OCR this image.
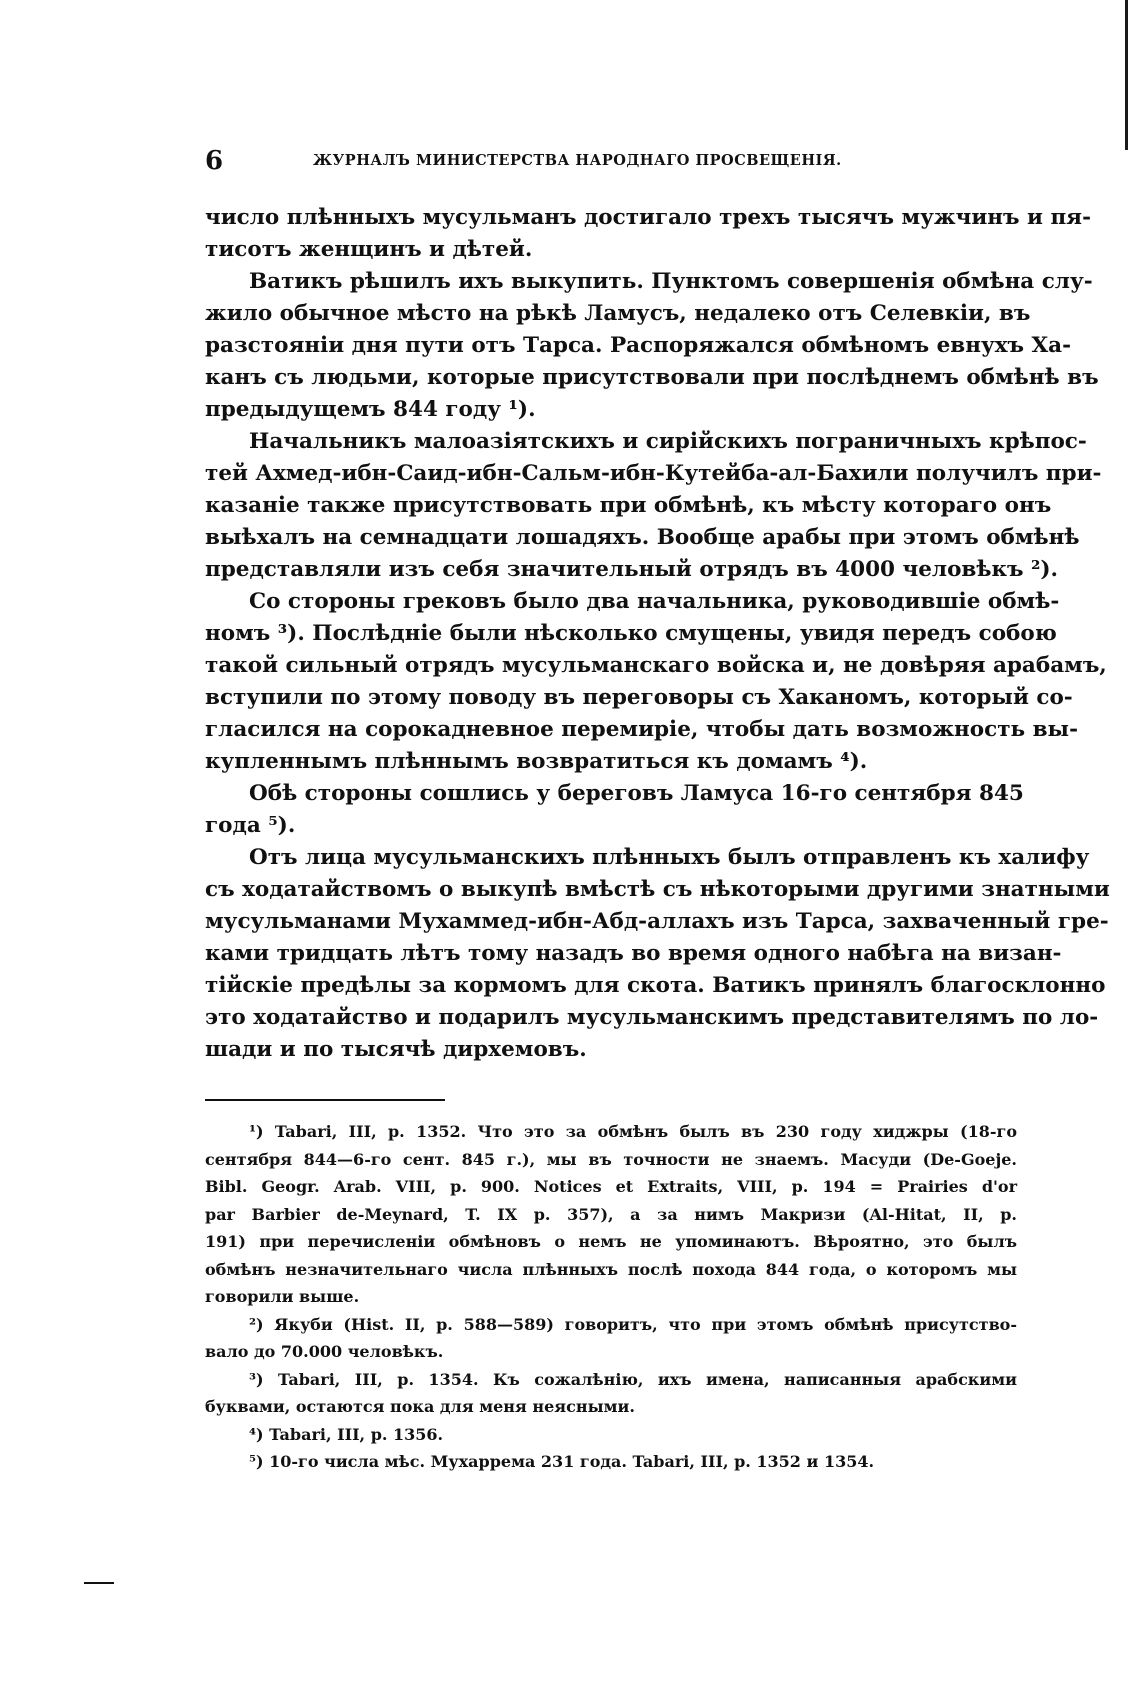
6	ЖУРНАЛЪ МИНИСТЕРСТВА НАРОДНАГО ПРОСВЕЩЕНІЯ.
число плѣнныхъ мусульманъ достигало трехъ тысячъ мужчинъ и пя-
тисотъ женщинъ и дѣтей.
Ватикъ рѣшилъ ихъ выкупить. Пунктомъ совершенія обмѣна слу-
жило обычное мѣсто на рѣкѣ Ламусъ, недалеко отъ Селевкіи, въ
разстояніи дня пути отъ Тарса. Распоряжался обмѣномъ евнухъ Ха-
канъ съ людьми, которые присутствовали при послѣднемъ обмѣнѣ въ
предыдущемъ 844 году ¹).
Начальникъ малоазіятскихъ и сирійскихъ пограничныхъ крѣпос-
тей Ахмед-ибн-Саид-ибн-Сальм-ибн-Кутейба-ал-Бахили получилъ при-
казаніе также присутствовать при обмѣнѣ, къ мѣсту котораго онъ
выѣхалъ на семнадцати лошадяхъ. Вообще арабы при этомъ обмѣнѣ
представляли изъ себя значительный отрядъ въ 4000 человѣкъ ²).
Со стороны грековъ было два начальника, руководившіе обмѣ-
номъ ³). Послѣдніе были нѣсколько смущены, увидя передъ собою
такой сильный отрядъ мусульманскаго войска и, не довѣряя арабамъ,
вступили по этому поводу въ переговоры съ Хаканомъ, который со-
гласился на сорокадневное перемиріе, чтобы дать возможность вы-
купленнымъ плѣннымъ возвратиться къ домамъ ⁴).
Обѣ стороны сошлись у береговъ Ламуса 16-го сентября 845
года ⁵).
Отъ лица мусульманскихъ плѣнныхъ былъ отправленъ къ халифу
съ ходатайствомъ о выкупѣ вмѣстѣ съ нѣкоторыми другими знатными
мусульманами Мухаммед-ибн-Абд-аллахъ изъ Тарса, захваченный гре-
ками тридцать лѣтъ тому назадъ во время одного набѣга на визан-
тійскіе предѣлы за кормомъ для скота. Ватикъ принялъ благосклонно
это ходатайство и подарилъ мусульманскимъ представителямъ по ло-
шади и по тысячѣ дирхемовъ.
¹) Tabari, III, p. 1352. Что это за обмѣнъ былъ въ 230 году хиджры (18-го
сентября 844—6-го сент. 845 г.), мы въ точности не знаемъ. Масуди (De-Goeje.
Bibl. Geogr. Arab. VIII, p. 900. Notices et Extraits, VIII, p. 194 = Prairies d'or
par Barbier de-Meynard, T. IX p. 357), а за нимъ Макризи (Al-Hitat, II, p.
191) при перечисленіи обмѣновъ о немъ не упоминаютъ. Вѣроятно, это былъ
обмѣнъ незначительнаго числа плѣнныхъ послѣ похода 844 года, о которомъ мы
говорили выше.
²) Якуби (Hist. II, p. 588—589) говоритъ, что при этомъ обмѣнѣ присутство-
вало до 70.000 человѣкъ.
³) Tabari, III, p. 1354. Къ сожалѣнію, ихъ имена, написанныя арабскими
буквами, остаются пока для меня неясными.
⁴) Tabari, III, p. 1356.
⁵) 10-го числа мѣс. Мухаррема 231 года. Tabari, III, p. 1352 и 1354.
